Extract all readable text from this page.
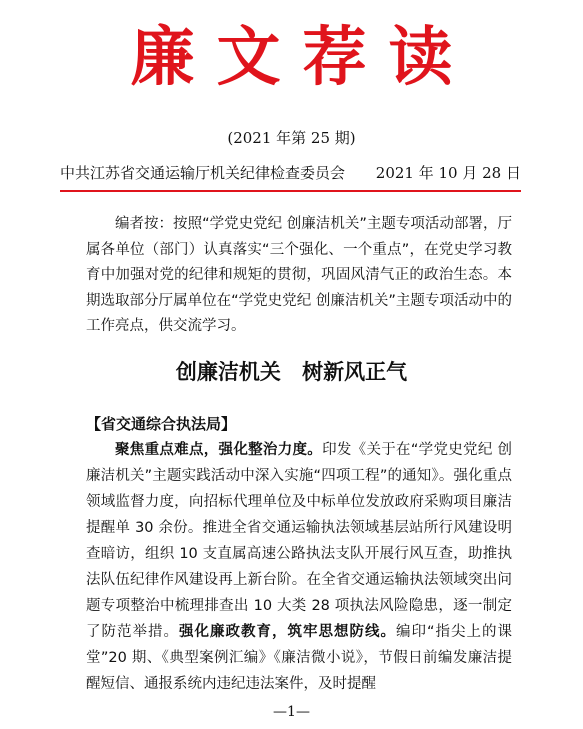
廉文荐读
(2021 年第 25 期)
中共江苏省交通运输厅机关纪律检查委员会 2021 年 10 月 28 日

编者按：按照“学党史党纪 创廉洁机关”主题专项活动部署，厅属各单位（部门）认真落实“三个强化、一个重点”，在党史学习教育中加强对党的纪律和规矩的贯彻，巩固风清气正的政治生态。本期选取部分厅属单位在“学党史党纪 创廉洁机关”主题专项活动中的工作亮点，供交流学习。

创廉洁机关 树新风正气
【省交通综合执法局】

聚焦重点难点，强化整治力度。印发《关于在“学党史党纪 创廉洁机关”主题实践活动中深入实施“四项工程”的通知》。强化重点领域监督力度，向招标代理单位及中标单位发放政府采购项目廉洁提醒单 30 余份。推进全省交通运输执法领域基层站所行风建设明查暗访，组织 10 支直属高速公路执法支队开展行风互查，助推执法队伍纪律作风建设再上新台阶。在全省交通运输执法领域突出问题专项整治中梳理排查出 10 大类 28 项执法风险隐患，逐一制定了防范举措。强化廉政教育，筑牢思想防线。编印“指尖上的课堂”20 期、《典型案例汇编》《廉洁微小说》，节假日前编发廉洁提醒短信、通报系统内违纪违法案件，及时提醒

—1—
